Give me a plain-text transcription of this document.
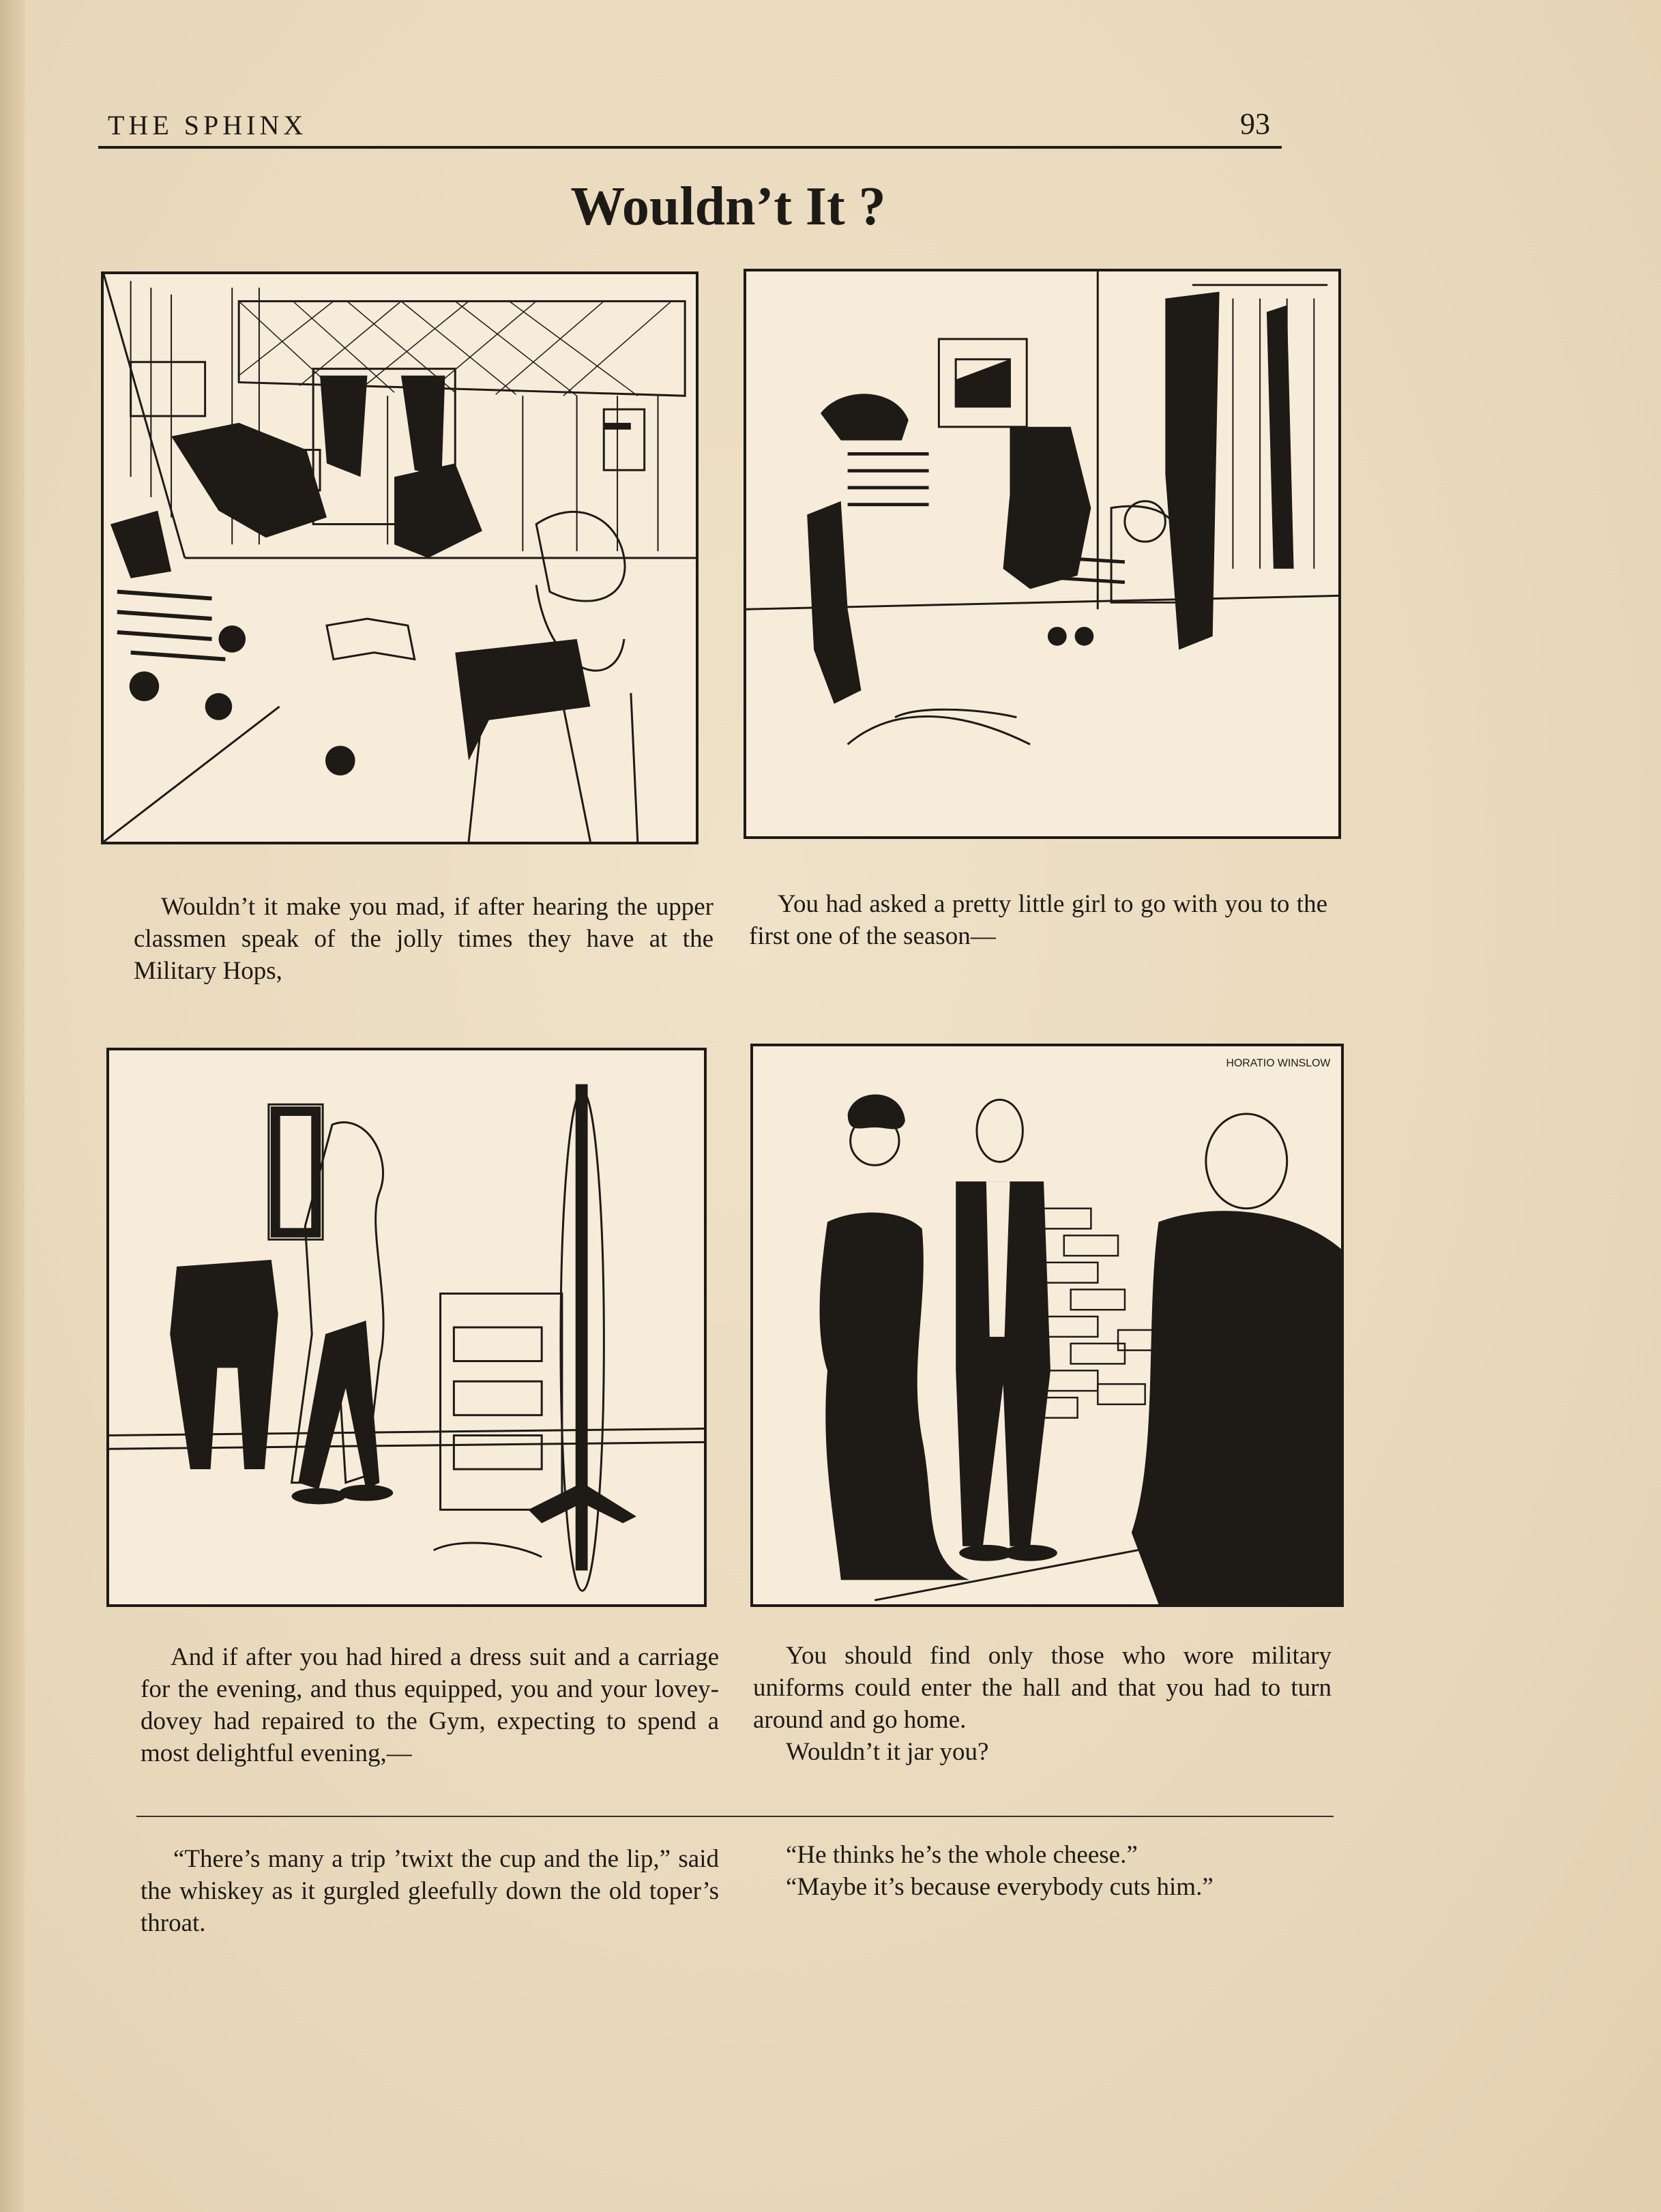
THE SPHINX	93
Wouldn’t It ?

Wouldn’t it make you mad, if after hearing the upper classmen speak of the jolly times they have at the Military Hops,

You had asked a pretty little girl to go with you to the first one of the season—

HORATIO WINSLOW

And if after you had hired a dress suit and a carriage for the evening, and thus equipped, you and your lovey-dovey had repaired to the Gym, expecting to spend a most delightful evening,—

You should find only those who wore military uniforms could enter the hall and that you had to turn around and go home.

Wouldn’t it jar you?

“There’s many a trip ’twixt the cup and the lip,” said the whiskey as it gurgled gleefully down the old toper’s throat.

“He thinks he’s the whole cheese.”

“Maybe it’s because everybody cuts him.”
